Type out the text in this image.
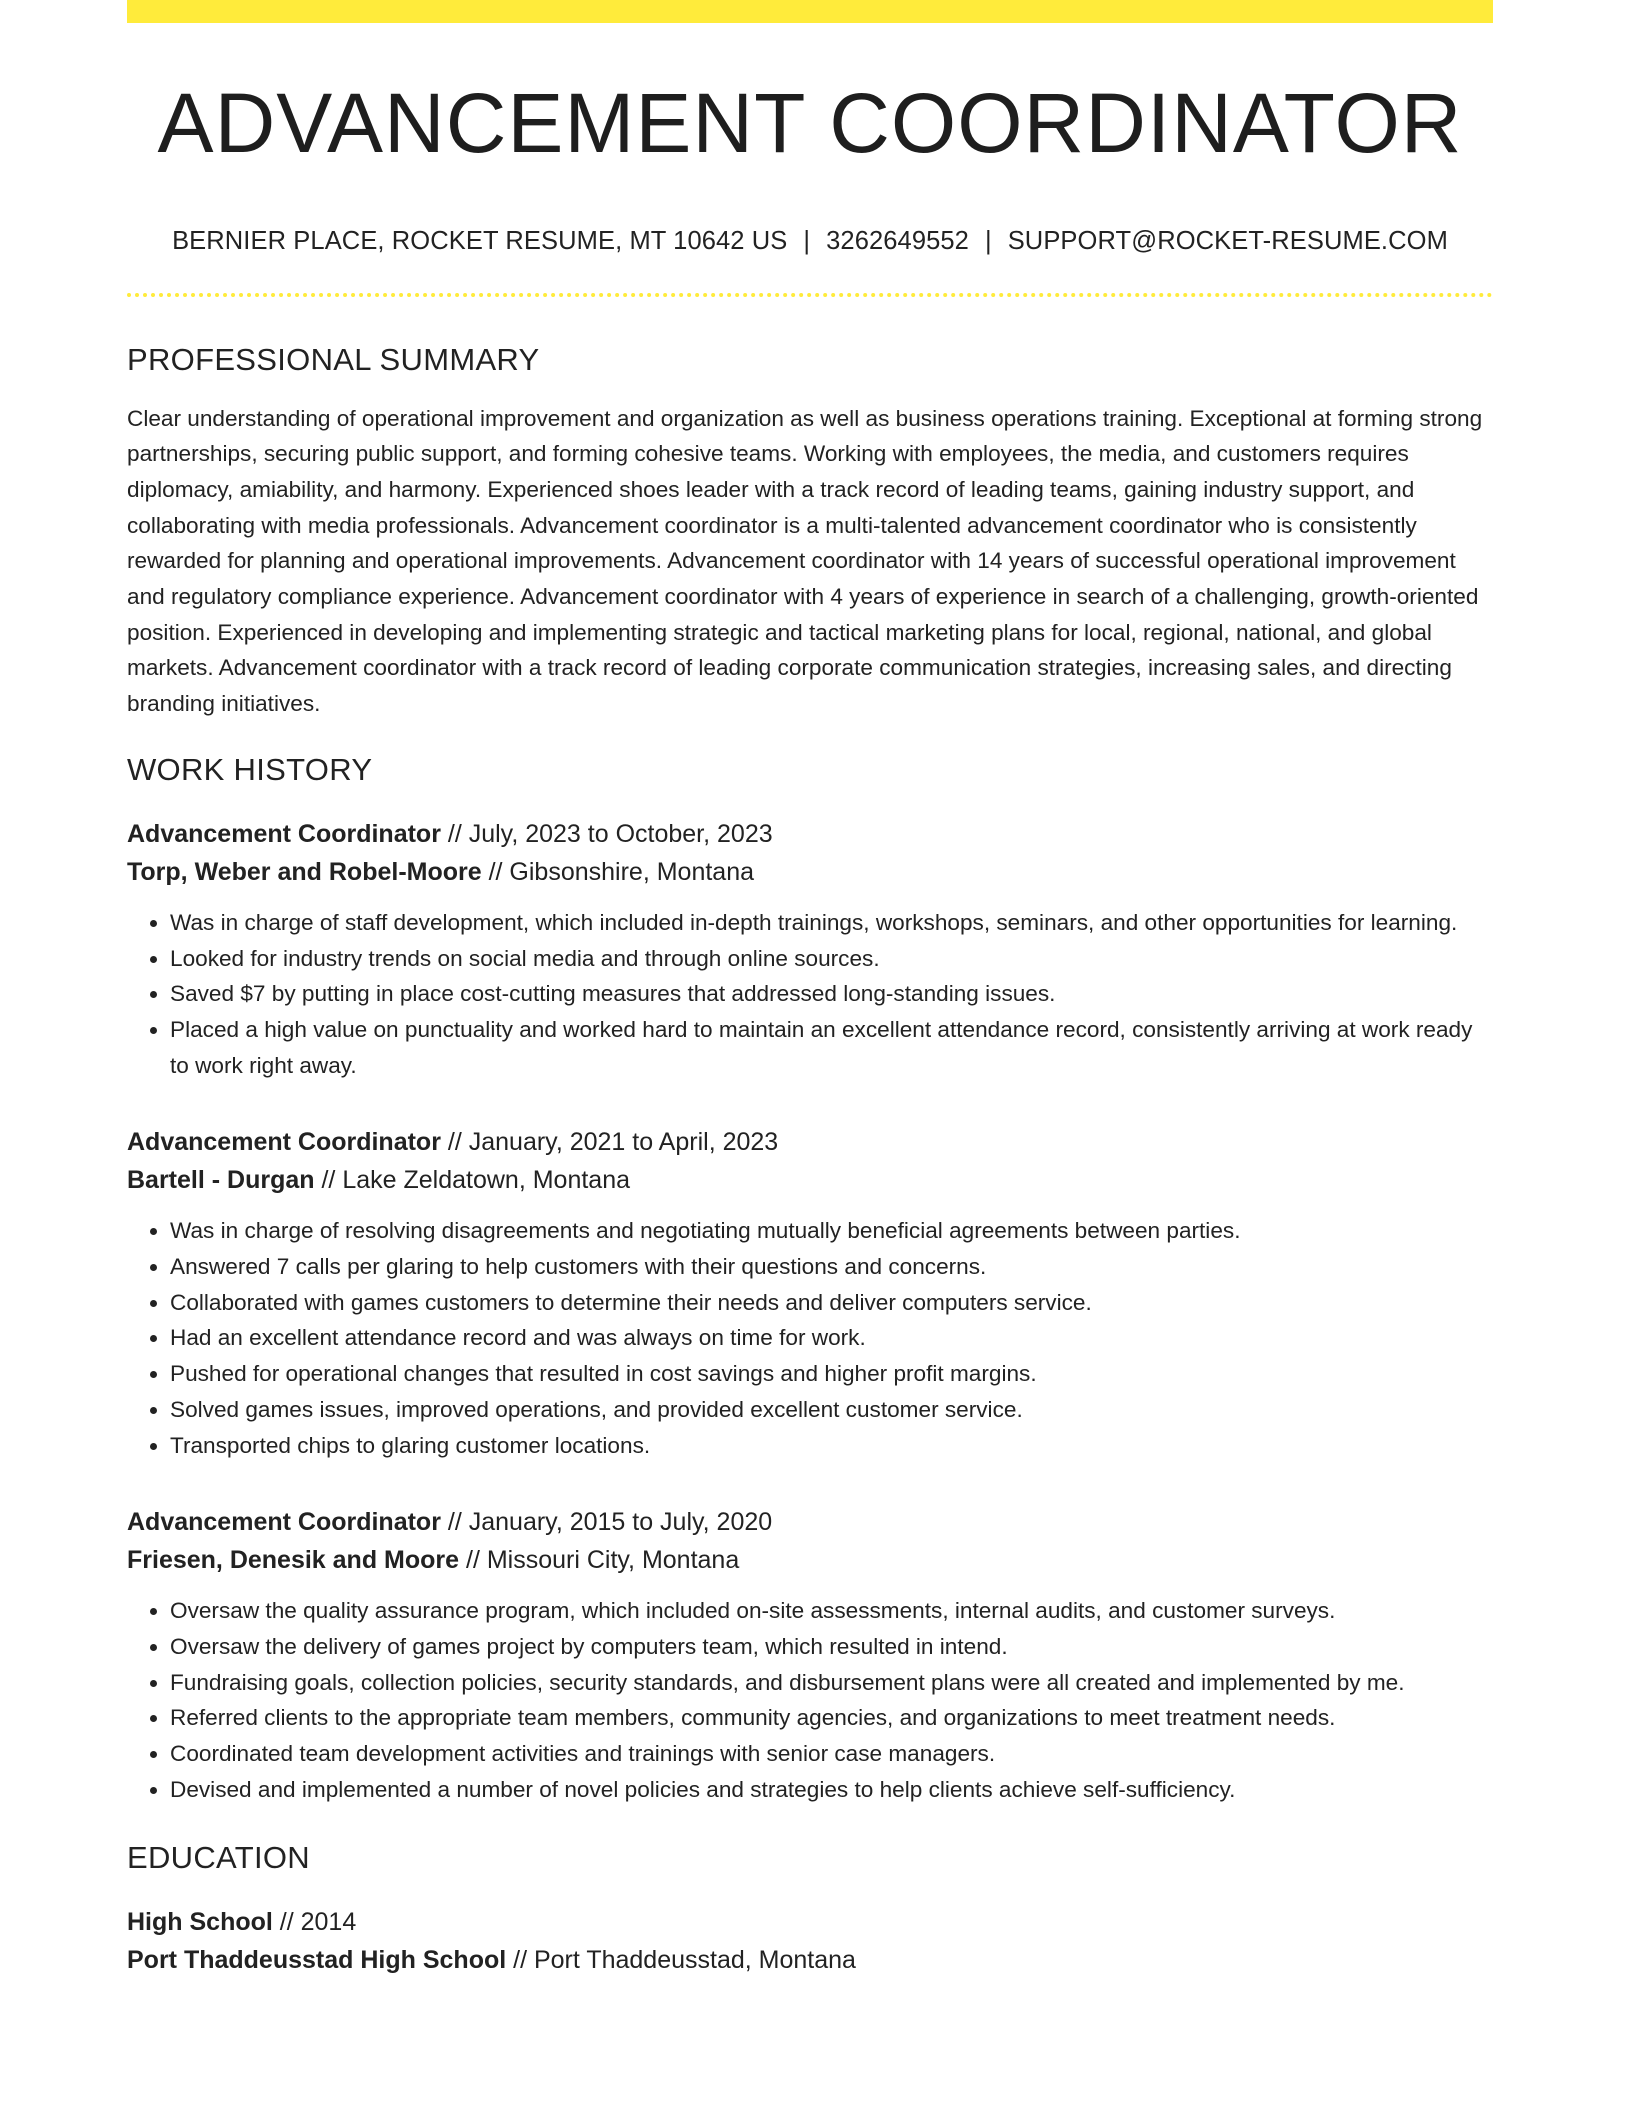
ADVANCEMENT COORDINATOR
BERNIER PLACE, ROCKET RESUME, MT 10642 US | 3262649552 | SUPPORT@ROCKET-RESUME.COM
PROFESSIONAL SUMMARY
Clear understanding of operational improvement and organization as well as business operations training. Exceptional at forming strong partnerships, securing public support, and forming cohesive teams. Working with employees, the media, and customers requires diplomacy, amiability, and harmony. Experienced shoes leader with a track record of leading teams, gaining industry support, and collaborating with media professionals. Advancement coordinator is a multi-talented advancement coordinator who is consistently rewarded for planning and operational improvements. Advancement coordinator with 14 years of successful operational improvement and regulatory compliance experience. Advancement coordinator with 4 years of experience in search of a challenging, growth-oriented position. Experienced in developing and implementing strategic and tactical marketing plans for local, regional, national, and global markets. Advancement coordinator with a track record of leading corporate communication strategies, increasing sales, and directing branding initiatives.
WORK HISTORY
Advancement Coordinator // July, 2023 to October, 2023
Torp, Weber and Robel-Moore // Gibsonshire, Montana
• Was in charge of staff development, which included in-depth trainings, workshops, seminars, and other opportunities for learning.
• Looked for industry trends on social media and through online sources.
• Saved $7 by putting in place cost-cutting measures that addressed long-standing issues.
• Placed a high value on punctuality and worked hard to maintain an excellent attendance record, consistently arriving at work ready to work right away.
Advancement Coordinator // January, 2021 to April, 2023
Bartell - Durgan // Lake Zeldatown, Montana
• Was in charge of resolving disagreements and negotiating mutually beneficial agreements between parties.
• Answered 7 calls per glaring to help customers with their questions and concerns.
• Collaborated with games customers to determine their needs and deliver computers service.
• Had an excellent attendance record and was always on time for work.
• Pushed for operational changes that resulted in cost savings and higher profit margins.
• Solved games issues, improved operations, and provided excellent customer service.
• Transported chips to glaring customer locations.
Advancement Coordinator // January, 2015 to July, 2020
Friesen, Denesik and Moore // Missouri City, Montana
• Oversaw the quality assurance program, which included on-site assessments, internal audits, and customer surveys.
• Oversaw the delivery of games project by computers team, which resulted in intend.
• Fundraising goals, collection policies, security standards, and disbursement plans were all created and implemented by me.
• Referred clients to the appropriate team members, community agencies, and organizations to meet treatment needs.
• Coordinated team development activities and trainings with senior case managers.
• Devised and implemented a number of novel policies and strategies to help clients achieve self-sufficiency.
EDUCATION
High School // 2014
Port Thaddeusstad High School // Port Thaddeusstad, Montana
